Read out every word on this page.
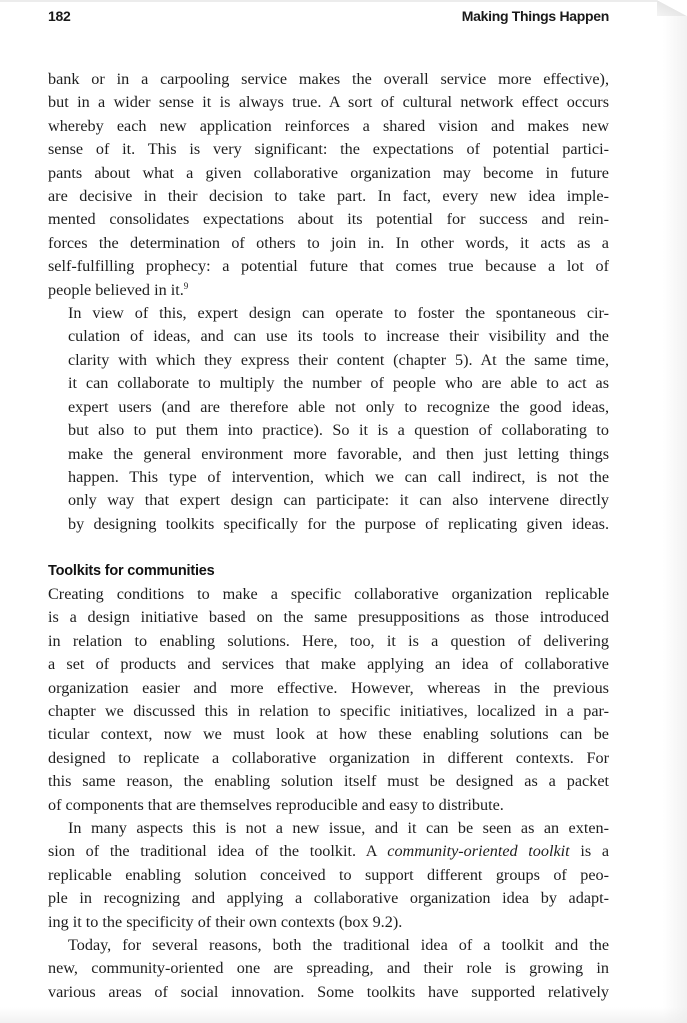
182	Making Things Happen

bank or in a carpooling service makes the overall service more effective),
but in a wider sense it is always true. A sort of cultural network effect occurs
whereby each new application reinforces a shared vision and makes new
sense of it. This is very significant: the expectations of potential partici-
pants about what a given collaborative organization may become in future
are decisive in their decision to take part. In fact, every new idea imple-
mented consolidates expectations about its potential for success and rein-
forces the determination of others to join in. In other words, it acts as a
self-fulfilling prophecy: a potential future that comes true because a lot of
people believed in it.$^9$

In view of this, expert design can operate to foster the spontaneous cir-
culation of ideas, and can use its tools to increase their visibility and the
clarity with which they express their content (chapter 5). At the same time,
it can collaborate to multiply the number of people who are able to act as
expert users (and are therefore able not only to recognize the good ideas,
but also to put them into practice). So it is a question of collaborating to
make the general environment more favorable, and then just letting things
happen. This type of intervention, which we can call indirect, is not the
only way that expert design can participate: it can also intervene directly
by designing toolkits specifically for the purpose of replicating given ideas.

Toolkits for communities

Creating conditions to make a specific collaborative organization replicable
is a design initiative based on the same presuppositions as those introduced
in relation to enabling solutions. Here, too, it is a question of delivering
a set of products and services that make applying an idea of collaborative
organization easier and more effective. However, whereas in the previous
chapter we discussed this in relation to specific initiatives, localized in a par-
ticular context, now we must look at how these enabling solutions can be
designed to replicate a collaborative organization in different contexts. For
this same reason, the enabling solution itself must be designed as a packet
of components that are themselves reproducible and easy to distribute.

In many aspects this is not a new issue, and it can be seen as an exten-
sion of the traditional idea of the toolkit. A community-oriented toolkit is a
replicable enabling solution conceived to support different groups of peo-
ple in recognizing and applying a collaborative organization idea by adapt-
ing it to the specificity of their own contexts (box 9.2).

Today, for several reasons, both the traditional idea of a toolkit and the
new, community-oriented one are spreading, and their role is growing in
various areas of social innovation. Some toolkits have supported relatively
